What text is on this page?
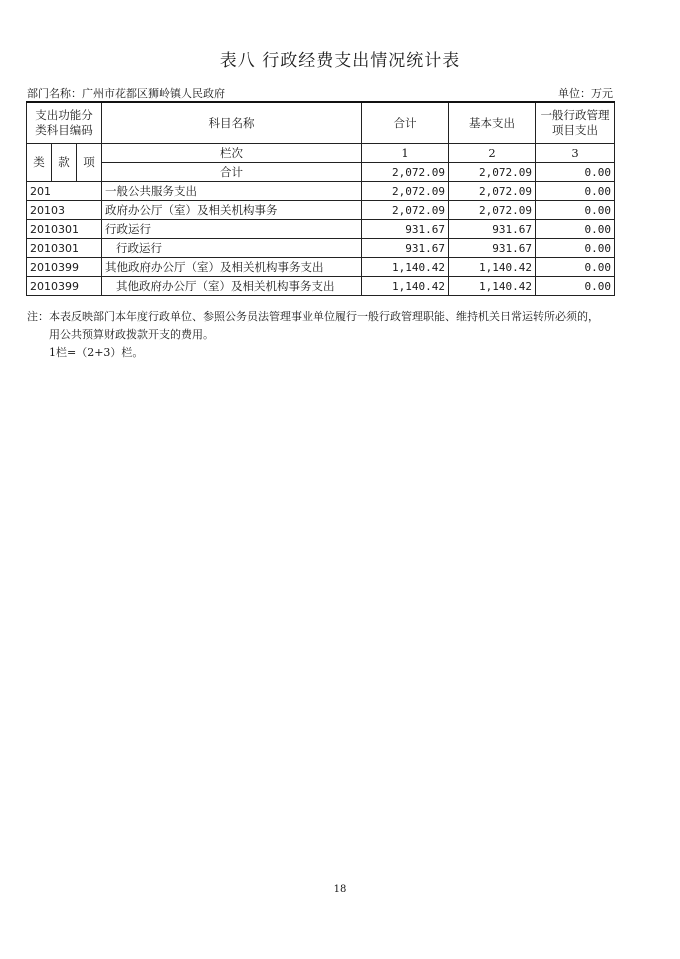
表八 行政经费支出情况统计表
部门名称：广州市花都区狮岭镇人民政府	单位：万元
支出功能分类科目编码			科目名称	合计	基本支出	一般行政管理项目支出
类	款	项	栏次	1	2	3
			合计	2,072.09	2,072.09	0.00
201			一般公共服务支出	2,072.09	2,072.09	0.00
20103			政府办公厅（室）及相关机构事务	2,072.09	2,072.09	0.00
2010301			行政运行	931.67	931.67	0.00
2010301			行政运行	931.67	931.67	0.00
2010399			其他政府办公厅（室）及相关机构事务支出	1,140.42	1,140.42	0.00
2010399			其他政府办公厅（室）及相关机构事务支出	1,140.42	1,140.42	0.00
注：本表反映部门本年度行政单位、参照公务员法管理事业单位履行一般行政管理职能、维持机关日常运转所必须的，
用公共预算财政拨款开支的费用。
1栏=（2+3）栏。
18
